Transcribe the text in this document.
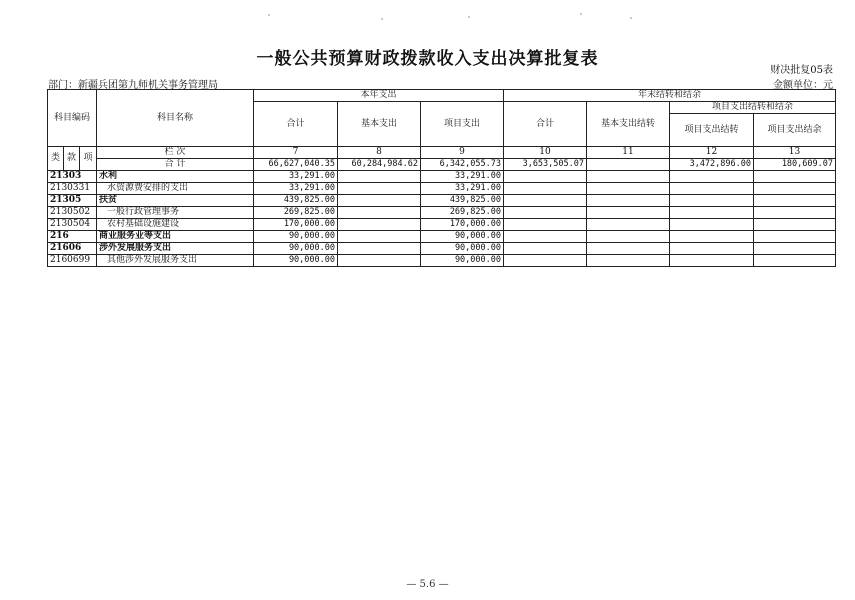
一般公共预算财政拨款收入支出决算批复表
财决批复05表
部门：新疆兵团第九师机关事务管理局	金额单位：元
科目编码			科目名称	本年支出			年末结转和结余			
				合计	基本支出	项目支出	合计	基本支出结转	项目支出结转和结余	
									项目支出结转	项目支出结余
类	款	项	栏 次	7	8	9	10	11	12	13
			合 计	66,627,040.35	60,284,984.62	6,342,055.73	3,653,505.07		3,472,896.00	180,609.07
21303			水利	33,291.00		33,291.00				
2130331			水资源费安排的支出	33,291.00		33,291.00				
21305			扶贫	439,825.00		439,825.00				
2130502			一般行政管理事务	269,825.00		269,825.00				
2130504			农村基础设施建设	170,000.00		170,000.00				
216			商业服务业等支出	90,000.00		90,000.00				
21606			涉外发展服务支出	90,000.00		90,000.00				
2160699			其他涉外发展服务支出	90,000.00		90,000.00				
— 5.6 —
